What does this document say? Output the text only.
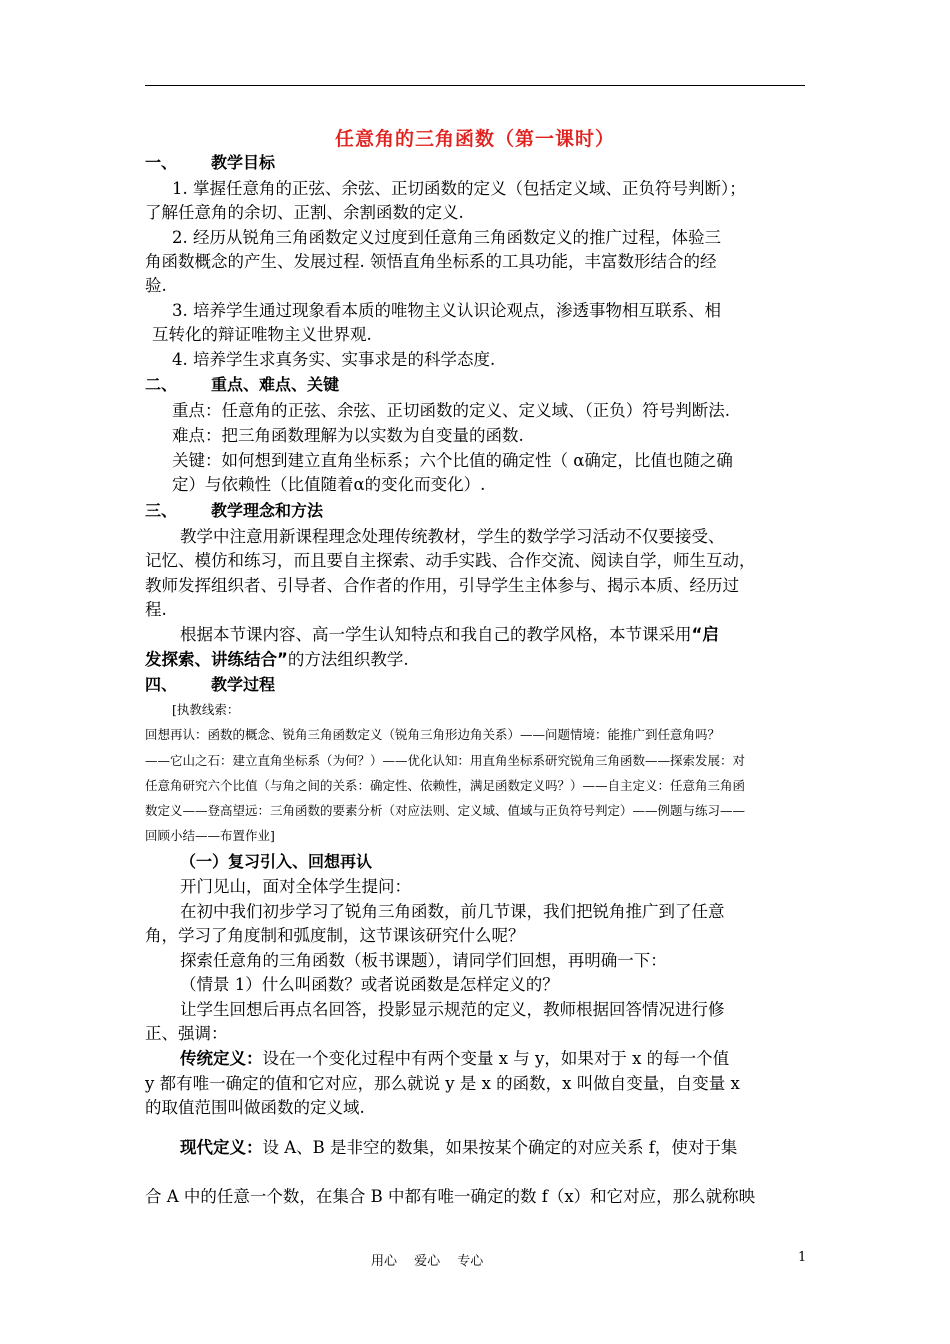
任意角的三角函数（第一课时）
一、 教学目标
1. 掌握任意角的正弦、余弦、正切函数的定义（包括定义域、正负符号判断）；
了解任意角的余切、正割、余割函数的定义.
2. 经历从锐角三角函数定义过度到任意角三角函数定义的推广过程，体验三
角函数概念的产生、发展过程. 领悟直角坐标系的工具功能，丰富数形结合的经
验.
3. 培养学生通过现象看本质的唯物主义认识论观点，渗透事物相互联系、相
互转化的辩证唯物主义世界观.
4. 培养学生求真务实、实事求是的科学态度.
二、 重点、难点、关键
重点：任意角的正弦、余弦、正切函数的定义、定义域、（正负）符号判断法.
难点：把三角函数理解为以实数为自变量的函数.
关键：如何想到建立直角坐标系；六个比值的确定性（ α确定，比值也随之确
定）与依赖性（比值随着α的变化而变化）.
三、 教学理念和方法
教学中注意用新课程理念处理传统教材，学生的数学学习活动不仅要接受、
记忆、模仿和练习，而且要自主探索、动手实践、合作交流、阅读自学，师生互动，
教师发挥组织者、引导者、合作者的作用，引导学生主体参与、揭示本质、经历过
程.
根据本节课内容、高一学生认知特点和我自己的教学风格，本节课采用“启
发探索、讲练结合”的方法组织教学.
四、 教学过程
[执教线索：
回想再认：函数的概念、锐角三角函数定义（锐角三角形边角关系）——问题情境：能推广到任意角吗？
——它山之石：建立直角坐标系（为何？）——优化认知：用直角坐标系研究锐角三角函数——探索发展：对
任意角研究六个比值（与角之间的关系：确定性、依赖性，满足函数定义吗？）——自主定义：任意角三角函
数定义——登高望远：三角函数的要素分析（对应法则、定义域、值域与正负符号判定）——例题与练习——
回顾小结——布置作业]
（一）复习引入、回想再认
开门见山，面对全体学生提问：
在初中我们初步学习了锐角三角函数，前几节课，我们把锐角推广到了任意
角，学习了角度制和弧度制，这节课该研究什么呢？
探索任意角的三角函数（板书课题），请同学们回想，再明确一下：
（情景 1）什么叫函数？或者说函数是怎样定义的？
让学生回想后再点名回答，投影显示规范的定义，教师根据回答情况进行修
正、强调：
传统定义：设在一个变化过程中有两个变量 x 与 y，如果对于 x 的每一个值
y 都有唯一确定的值和它对应，那么就说 y 是 x 的函数，x 叫做自变量，自变量 x
的取值范围叫做函数的定义域.
现代定义：设 A、B 是非空的数集，如果按某个确定的对应关系 f，使对于集
合 A 中的任意一个数，在集合 B 中都有唯一确定的数 f（x）和它对应，那么就称映
用心　 爱心　 专心	1
